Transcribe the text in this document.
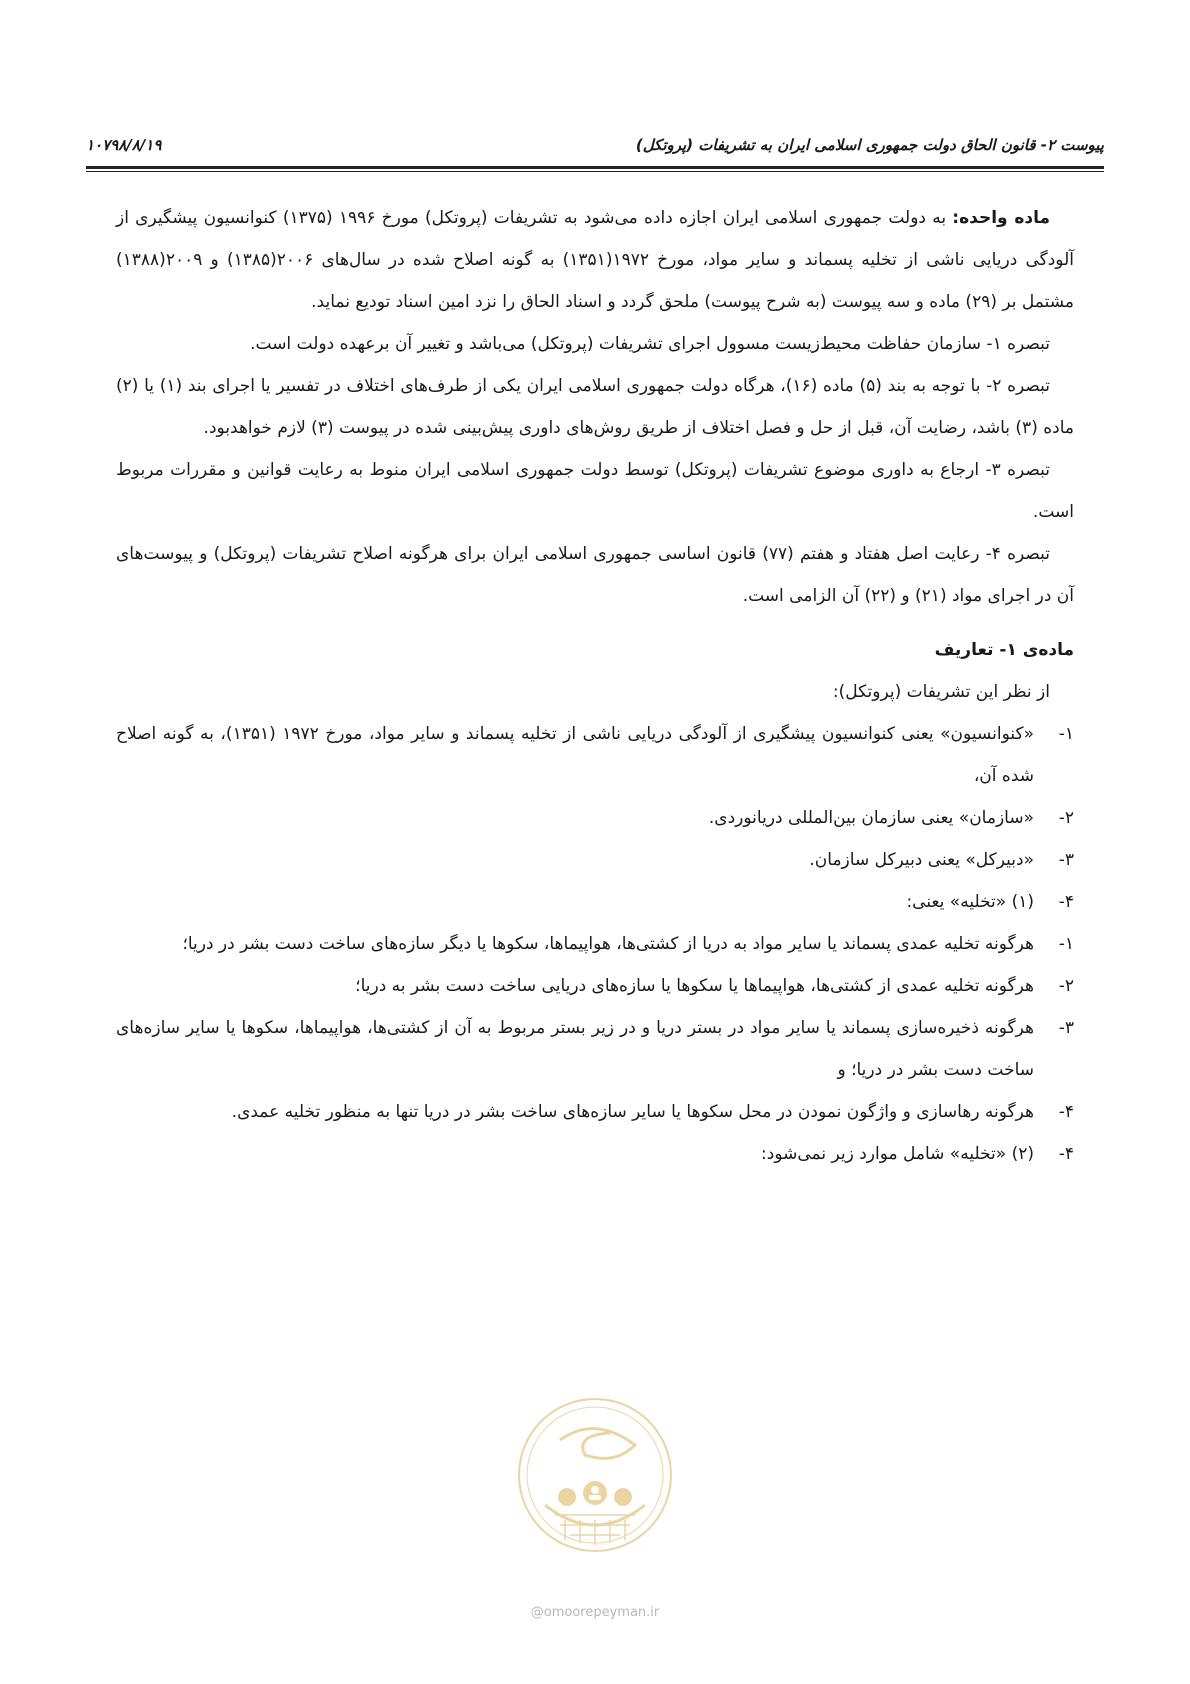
۱۰۷۹۸/۸/۱۹	پیوست ۲- قانون الحاق دولت جمهوری اسلامی ایران به تشریفات (پروتکل)

ماده واحده: به دولت جمهوری اسلامی ایران اجازه داده می‌شود به تشریفات (پروتکل) مورخ ۱۹۹۶ (۱۳۷۵) کنوانسیون پیشگیری از آلودگی دریایی ناشی از تخلیه پسماند و سایر مواد، مورخ ۱۹۷۲(۱۳۵۱) به گونه اصلاح شده در سال‌های ۲۰۰۶(۱۳۸۵) و ۲۰۰۹(۱۳۸۸) مشتمل بر (۲۹) ماده و سه پیوست (به شرح پیوست) ملحق گردد و اسناد الحاق را نزد امین اسناد تودیع نماید.

تبصره ۱- سازمان حفاظت محیط‌زیست مسوول اجرای تشریفات (پروتکل) می‌باشد و تغییر آن برعهده دولت است.

تبصره ۲- با توجه به بند (۵) ماده (۱۶)، هرگاه دولت جمهوری اسلامی ایران یکی از طرف‌های اختلاف در تفسیر یا اجرای بند (۱) یا (۲) ماده (۳) باشد، رضایت آن، قبل از حل و فصل اختلاف از طریق روش‌های داوری پیش‌بینی شده در پیوست (۳) لازم خواهدبود.

تبصره ۳- ارجاع به داوری موضوع تشریفات (پروتکل) توسط دولت جمهوری اسلامی ایران منوط به رعایت قوانین و مقررات مربوط است.

تبصره ۴- رعایت اصل هفتاد و هفتم (۷۷) قانون اساسی جمهوری اسلامی ایران برای هرگونه اصلاح تشریفات (پروتکل) و پیوست‌های آن در اجرای مواد (۲۱) و (۲۲) آن الزامی است.

ماده‌ی ۱- تعاریف

از نظر این تشریفات (پروتکل):

۱-
«کنوانسیون» یعنی کنوانسیون پیشگیری از آلودگی دریایی ناشی از تخلیه پسماند و سایر مواد، مورخ ۱۹۷۲ (۱۳۵۱)، به گونه اصلاح شده آن،
۲-
«سازمان» یعنی سازمان بین‌المللی دریانوردی.
۳-
«دبیرکل» یعنی دبیرکل سازمان.
۴-
(۱) «تخلیه» یعنی:
۱-
هرگونه تخلیه عمدی پسماند یا سایر مواد به دریا از کشتی‌ها، هواپیماها، سکوها یا دیگر سازه‌های ساخت دست بشر در دریا؛
۲-
هرگونه تخلیه عمدی از کشتی‌ها، هواپیماها یا سکوها یا سازه‌های دریایی ساخت دست بشر به دریا؛
۳-
هرگونه ذخیره‌سازی پسماند یا سایر مواد در بستر دریا و در زیر بستر مربوط به آن از کشتی‌ها، هواپیماها، سکوها یا سایر سازه‌های ساخت دست بشر در دریا؛ و
۴-
هرگونه رهاسازی و واژگون نمودن در محل سکوها یا سایر سازه‌های ساخت بشر در دریا تنها به منظور تخلیه عمدی.
۴-
(۲) «تخلیه» شامل موارد زیر نمی‌شود:
@omoorepeyman.ir
